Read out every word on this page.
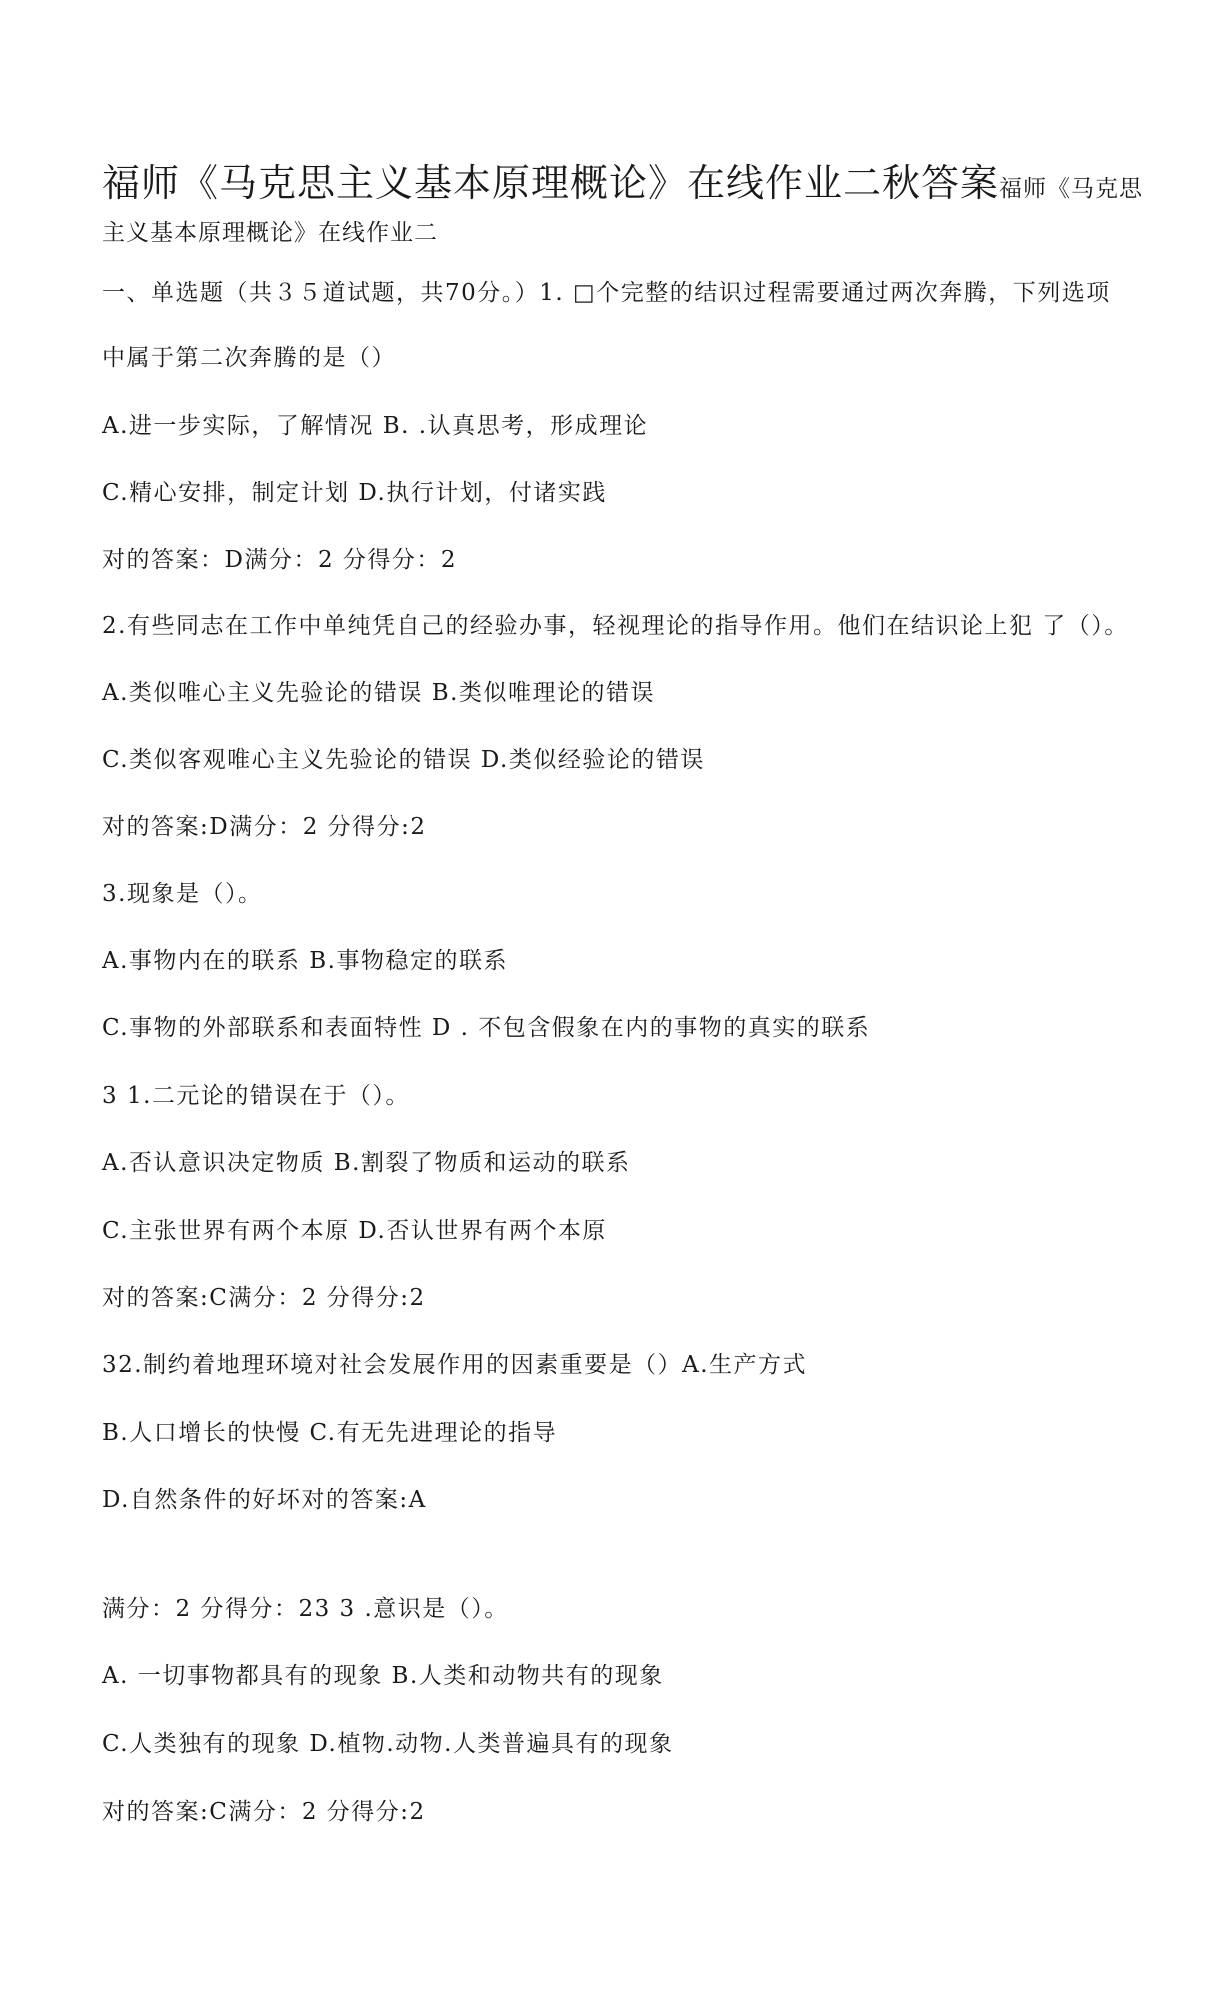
福师《马克思主义基本原理概论》在线作业二秋答案福师《马克思
主义基本原理概论》在线作业二
一、单选题（共３５道试题，共70分。）1. □个完整的结识过程需要通过两次奔腾，下列选项
中属于第二次奔腾的是（）
A.进一步实际，了解情况 B. .认真思考，形成理论
C.精心安排，制定计划 D.执行计划，付诸实践
对的答案：D满分：2 分得分：2
2.有些同志在工作中单纯凭自己的经验办事，轻视理论的指导作用。他们在结识论上犯 了（）。
A.类似唯心主义先验论的错误 B.类似唯理论的错误
C.类似客观唯心主义先验论的错误 D.类似经验论的错误
对的答案:D满分：2 分得分:2
3.现象是（）。
A.事物内在的联系 B.事物稳定的联系
C.事物的外部联系和表面特性 D . 不包含假象在内的事物的真实的联系
3 1.二元论的错误在于（）。
A.否认意识决定物质 B.割裂了物质和运动的联系
C.主张世界有两个本原 D.否认世界有两个本原
对的答案:C满分：2 分得分:2
32.制约着地理环境对社会发展作用的因素重要是（）A.生产方式
B.人口增长的快慢 C.有无先进理论的指导
D.自然条件的好坏对的答案:A
满分：2 分得分：23 3 .意识是（）。
A. 一切事物都具有的现象 B.人类和动物共有的现象
C.人类独有的现象 D.植物.动物.人类普遍具有的现象
对的答案:C满分：2 分得分:2
